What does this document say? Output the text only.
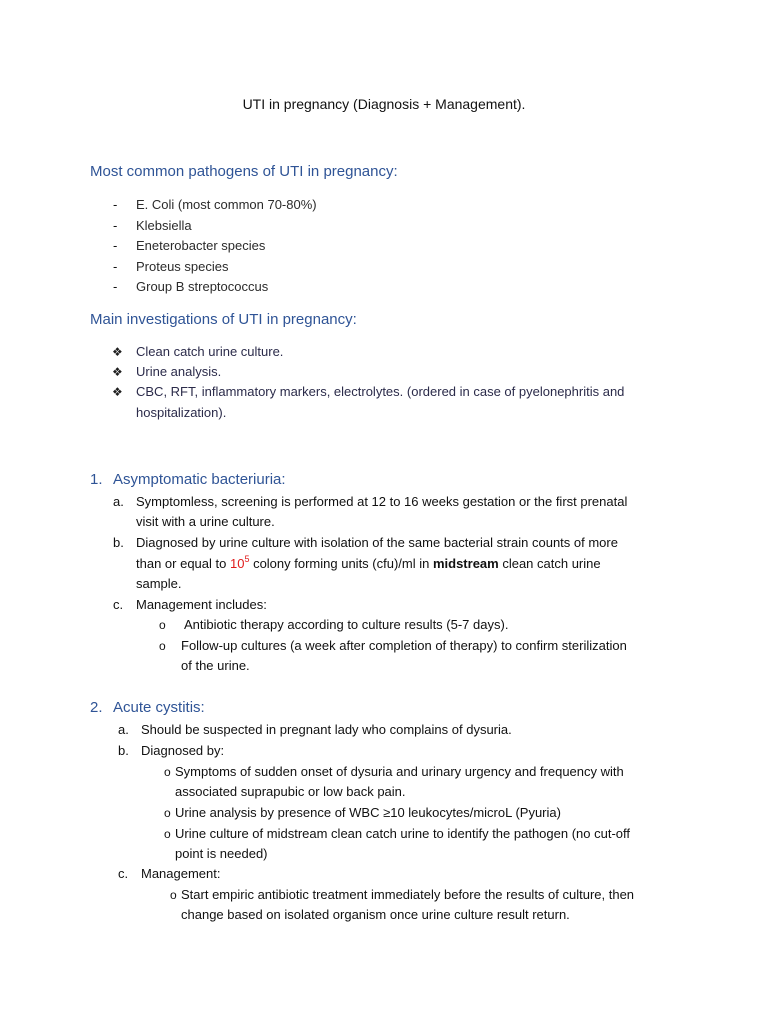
UTI in pregnancy (Diagnosis + Management).
Most common pathogens of UTI in pregnancy:
- E. Coli (most common 70-80%)
- Klebsiella
- Eneterobacter species
- Proteus species
- Group B streptococcus
Main investigations of UTI in pregnancy:
❖ Clean catch urine culture.
❖ Urine analysis.
❖ CBC, RFT, inflammatory markers, electrolytes. (ordered in case of pyelonephritis and
hospitalization).
1. Asymptomatic bacteriuria:
a. Symptomless, screening is performed at 12 to 16 weeks gestation or the first prenatal
visit with a urine culture.
b. Diagnosed by urine culture with isolation of the same bacterial strain counts of more
than or equal to $10^5$ colony forming units (cfu)/ml in midstream clean catch urine
sample.
c. Management includes:
o Antibiotic therapy according to culture results (5-7 days).
o Follow-up cultures (a week after completion of therapy) to confirm sterilization
of the urine.
2. Acute cystitis:
a. Should be suspected in pregnant lady who complains of dysuria.
b. Diagnosed by:
o Symptoms of sudden onset of dysuria and urinary urgency and frequency with
associated suprapubic or low back pain.
o Urine analysis by presence of WBC ≥10 leukocytes/microL (Pyuria)
o Urine culture of midstream clean catch urine to identify the pathogen (no cut-off
point is needed)
c. Management:
o Start empiric antibiotic treatment immediately before the results of culture, then
change based on isolated organism once urine culture result return.
